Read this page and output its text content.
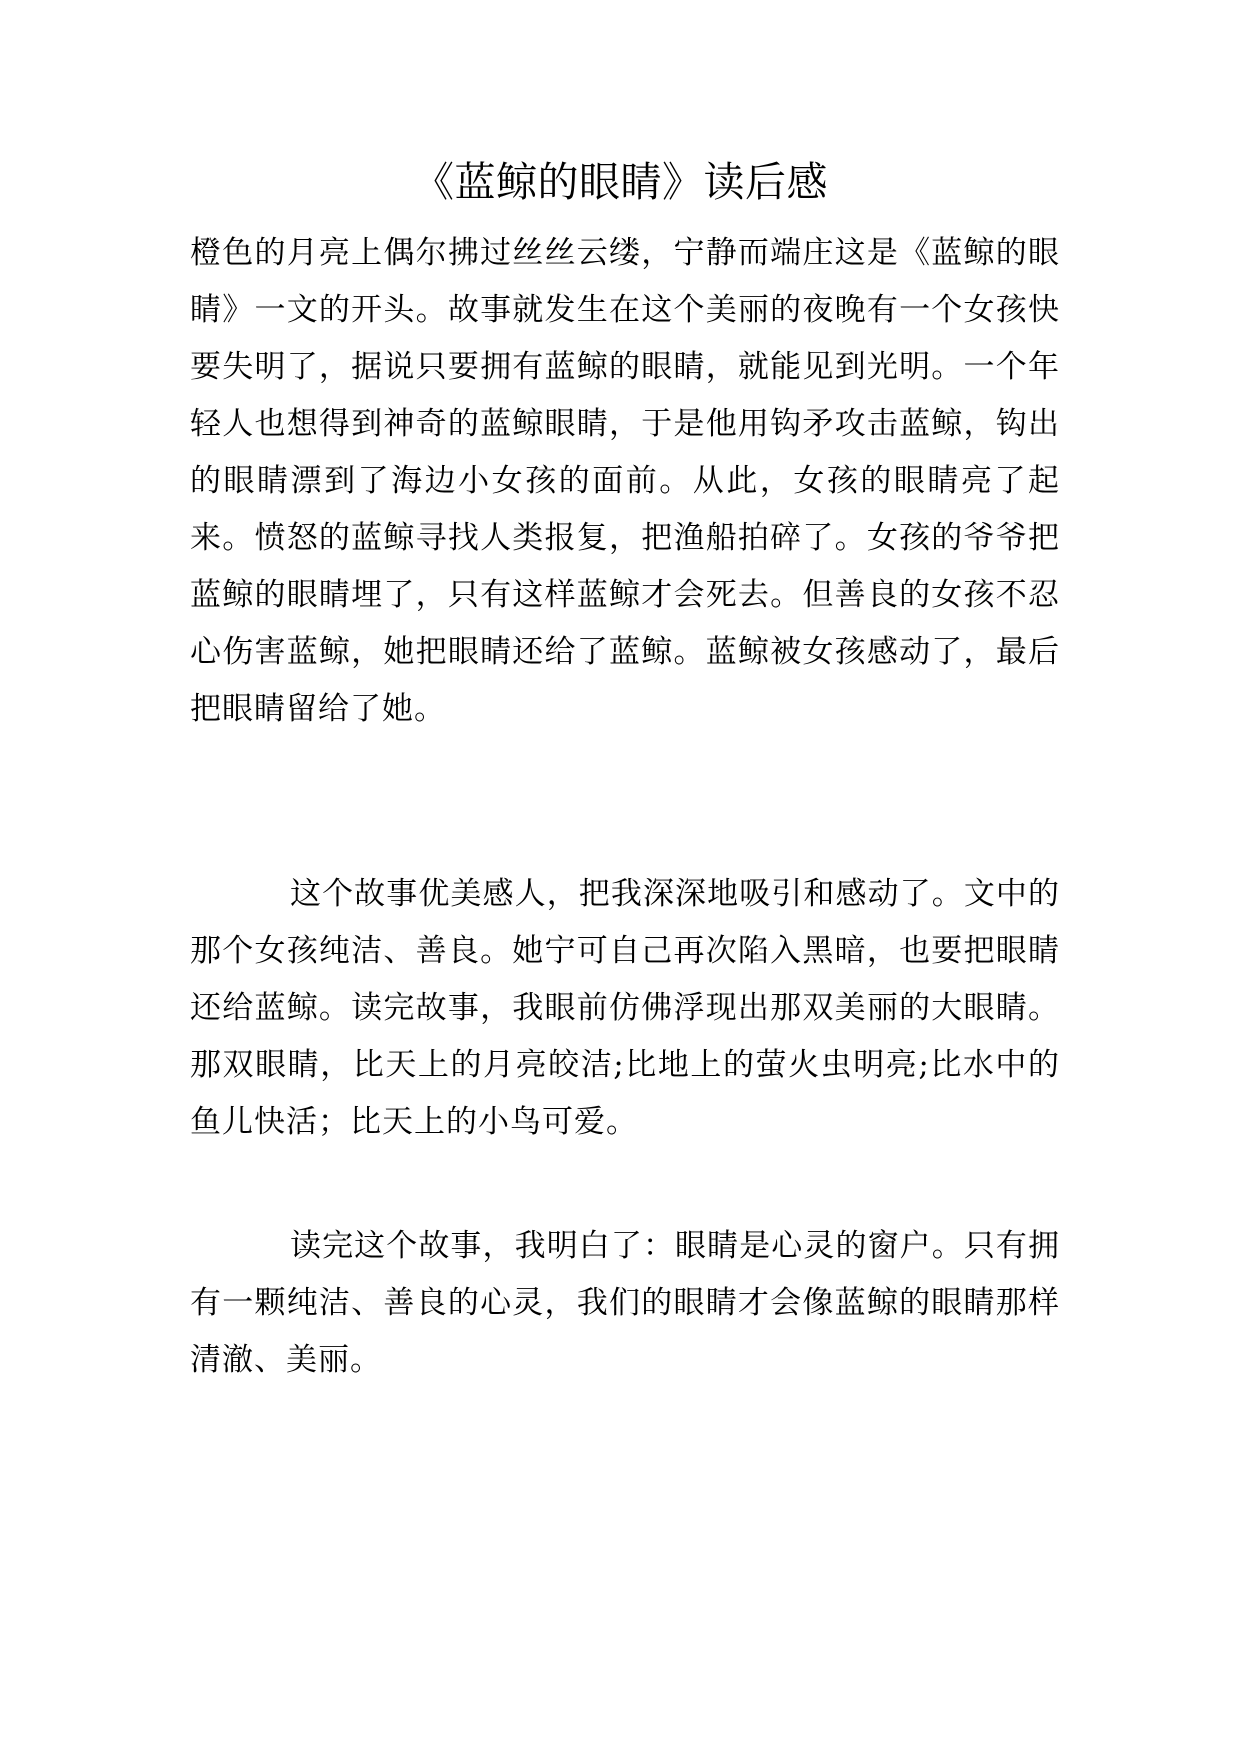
《蓝鲸的眼睛》读后感

橙色的月亮上偶尔拂过丝丝云缕，宁静而端庄这是《蓝鲸的眼睛》一文的开头。故事就发生在这个美丽的夜晚有一个女孩快要失明了，据说只要拥有蓝鲸的眼睛，就能见到光明。一个年轻人也想得到神奇的蓝鲸眼睛，于是他用钩矛攻击蓝鲸，钩出的眼睛漂到了海边小女孩的面前。从此，女孩的眼睛亮了起来。愤怒的蓝鲸寻找人类报复，把渔船拍碎了。女孩的爷爷把蓝鲸的眼睛埋了，只有这样蓝鲸才会死去。但善良的女孩不忍心伤害蓝鲸，她把眼睛还给了蓝鲸。蓝鲸被女孩感动了，最后把眼睛留给了她。

这个故事优美感人，把我深深地吸引和感动了。文中的那个女孩纯洁、善良。她宁可自己再次陷入黑暗，也要把眼睛还给蓝鲸。读完故事，我眼前仿佛浮现出那双美丽的大眼睛。那双眼睛，比天上的月亮皎洁;比地上的萤火虫明亮;比水中的鱼儿快活；比天上的小鸟可爱。

读完这个故事，我明白了：眼睛是心灵的窗户。只有拥有一颗纯洁、善良的心灵，我们的眼睛才会像蓝鲸的眼睛那样清澈、美丽。
